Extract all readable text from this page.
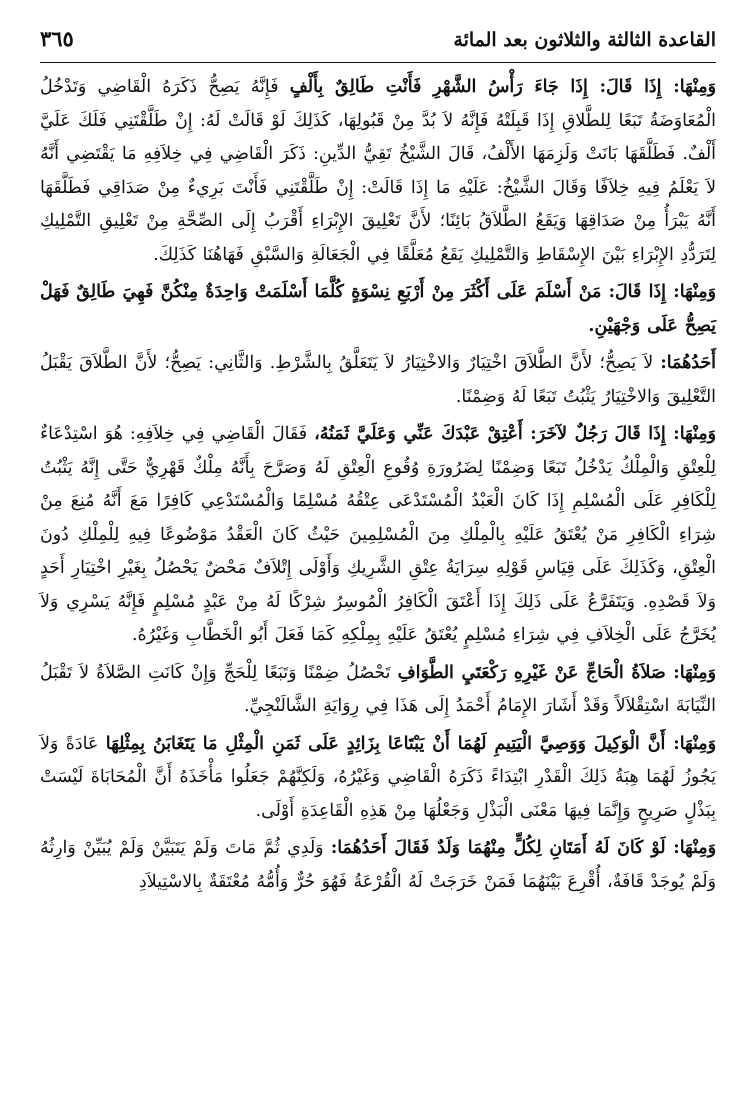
القاعدة الثالثة والثلاثون بعد المائة
٣٦٥

وَمِنْهَا: إِذَا قَالَ: إِذَا جَاءَ رَأْسُ الشَّهْرِ فَأَنْتِ طَالِقٌ بِأَلْفٍ فَإِنَّهُ يَصِحُّ ذَكَرَهُ الْقَاضِي وَتَدْخُلُ الْمُعَاوَضَةُ تَبَعًا لِلطَّلاقِ إِذَا قَبِلَتْهُ فَإِنَّهُ لاَ بُدَّ مِنْ قَبُولِهَا، كَذَلِكَ لَوْ قَالَتْ لَهُ: إِنْ طَلَّقْتَنِي فَلَكَ عَلَيَّ أَلْفٌ. فَطَلَّقَهَا بَانَتْ وَلَزِمَهَا الأَلْفُ، قَالَ الشَّيْخُ تَقِيُّ الدِّينِ: ذَكَرَ الْقَاضِي فِي خِلاَفِهِ مَا يَقْتَضِي أَنَّهُ لاَ يَعْلَمُ فِيهِ خِلاَفًا وَقَالَ الشَّيْخُ: عَلَيْهِ مَا إِذَا قَالَتْ: إِنْ طَلَّقْتَنِي فَأَنْتَ بَرِيءٌ مِنْ صَدَاقِي فَطَلَّقَهَا أَنَّهُ يَبْرَأُ مِنْ صَدَاقِهَا وَيَقَعُ الطَّلاَقُ بَائِنًا؛ لأَنَّ تَعْلِيقَ الإِبْرَاءِ أَقْرَبُ إِلَى الصِّحَّةِ مِنْ تَعْلِيقِ التَّمْلِيكِ لِتَرَدُّدِ الإِبْرَاءِ بَيْنَ الإِسْقَاطِ وَالتَّمْلِيكِ يَقَعُ مُعَلَّقًا فِي الْجَعَالَةِ وَالسَّبْقِ فَهَاهُنَا كَذَلِكَ.

وَمِنْهَا: إِذَا قَالَ: مَنْ أَسْلَمَ عَلَى أَكْثَرَ مِنْ أَرْبَعِ نِسْوَةٍ كُلَّمَا أَسْلَمَتْ وَاحِدَةٌ مِنْكُنَّ فَهِيَ طَالِقٌ فَهَلْ يَصِحُّ عَلَى وَجْهَيْنِ.

أَحَدُهُمَا: لاَ يَصِحُّ؛ لأَنَّ الطَّلاَقَ اخْتِيَارٌ وَالاخْتِيَارُ لاَ يَتَعَلَّقُ بِالشَّرْطِ. وَالثَّانِي: يَصِحُّ؛ لأَنَّ الطَّلاَقَ يَقْبَلُ التَّعْلِيقَ وَالاخْتِيَارُ يَثْبُتُ تَبَعًا لَهُ وَضِمْنًا.

وَمِنْهَا: إِذَا قَالَ رَجُلٌ لآخَرَ: أَعْتِقْ عَبْدَكَ عَنِّي وَعَلَيَّ ثَمَنُهُ، فَقَالَ الْقَاضِي فِي خِلاَفِهِ: هُوَ اسْتِدْعَاءٌ لِلْعِتْقِ وَالْمِلْكُ يَدْخُلُ تَبَعًا وَضِمْنًا لِضَرُورَةِ وُقُوعِ الْعِتْقِ لَهُ وَصَرَّحَ بِأَنَّهُ مِلْكٌ قَهْرِيٌّ حَتَّى إِنَّهُ يَثْبُتُ لِلْكَافِرِ عَلَى الْمُسْلِمِ إِذَا كَانَ الْعَبْدُ الْمُسْتَدْعَى عِتْقُهُ مُسْلِمًا وَالْمُسْتَدْعِي كَافِرًا مَعَ أَنَّهُ مُنِعَ مِنْ شِرَاءِ الْكَافِرِ مَنْ يُعْتَقُ عَلَيْهِ بِالْمِلْكِ مِنَ الْمُسْلِمِينَ حَيْثُ كَانَ الْعَقْدُ مَوْضُوعًا فِيهِ لِلْمِلْكِ دُونَ الْعِتْقِ، وَكَذَلِكَ عَلَى قِيَاسِ قَوْلِهِ سِرَايَةُ عِتْقِ الشَّرِيكِ وَأَوْلَى إِتْلاَفٌ مَحْضٌ يَحْصُلُ بِغَيْرِ اخْتِيَارِ أَحَدٍ وَلاَ قَصْدِهِ. وَيَتَفَرَّعُ عَلَى ذَلِكَ إِذَا أَعْتَقَ الْكَافِرُ الْمُوسِرُ شِرْكًا لَهُ مِنْ عَبْدٍ مُسْلِمٍ فَإِنَّهُ يَسْرِي وَلاَ يُخَرَّجُ عَلَى الْخِلاَفِ فِي شِرَاءِ مُسْلِمٍ يُعْتَقُ عَلَيْهِ بِمِلْكِهِ كَمَا فَعَلَ أَبُو الْخَطَّابِ وَغَيْرُهُ.

وَمِنْهَا: صَلاَةُ الْحَاجِّ عَنْ غَيْرِهِ رَكْعَتَيِ الطَّوَافِ تَحْصُلُ ضِمْنًا وَتَبَعًا لِلْحَجِّ وَإِنْ كَانَتِ الصَّلاَةُ لاَ تَقْبَلُ النِّيَابَةَ اسْتِقْلاَلاً وَقَدْ أَشَارَ الإِمَامُ أَحْمَدُ إِلَى هَذَا فِي رِوَايَةِ الشَّالَنْجِيِّ.

وَمِنْهَا: أَنَّ الْوَكِيلَ وَوَصِيَّ الْيَتِيمِ لَهُمَا أَنْ يَبْتَاعَا بِزَائِدٍ عَلَى ثَمَنِ الْمِثْلِ مَا يَتَغَابَنُ بِمِثْلِهَا عَادَةً وَلاَ يَجُوزُ لَهُمَا هِبَةُ ذَلِكَ الْقَدْرِ ابْتِدَاءً ذَكَرَهُ الْقَاضِي وَغَيْرُهُ، وَلَكِنَّهُمْ جَعَلُوا مَأْخَذَهُ أَنَّ الْمُحَابَاةَ لَيْسَتْ بِبَذْلٍ صَرِيحٍ وَإِنَّمَا فِيهَا مَعْنَى الْبَذْلِ وَجَعْلُهَا مِنْ هَذِهِ الْقَاعِدَةِ أَوْلَى.

وَمِنْهَا: لَوْ كَانَ لَهُ أَمَتَانِ لِكُلٍّ مِنْهُمَا وَلَدٌ فَقَالَ أَحَدُهُمَا: وَلَدِي ثُمَّ مَاتَ وَلَمْ يَتَبَيَّنْ وَلَمْ يُبَيِّنْ وَارِثُهُ وَلَمْ يُوجَدْ قَافَةٌ، أُقْرِعَ بَيْنَهُمَا فَمَنْ خَرَجَتْ لَهُ الْقُرْعَةُ فَهُوَ حُرٌّ وَأُمُّهُ مُعْتَقَةٌ بِالاسْتِيلاَدِ
